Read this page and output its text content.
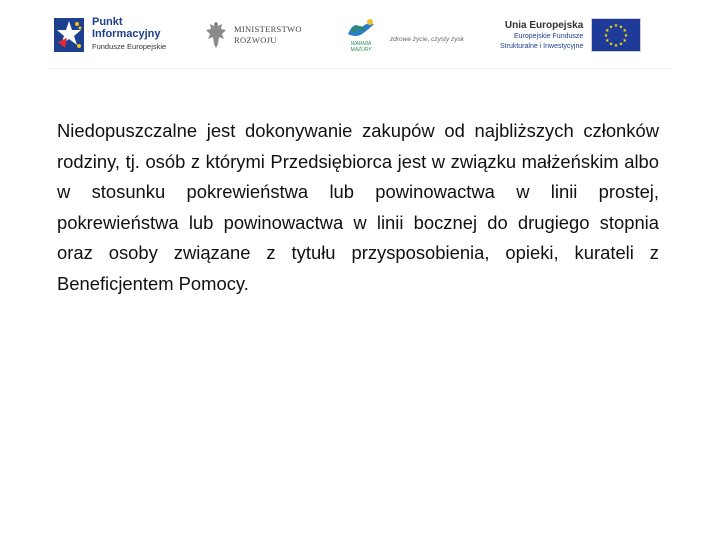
Punkt
Informacyjny
Fundusze Europejskie
MINISTERSTWO
ROZWOJU	WARMIA MAZURY
zdrowe życie, czysty zysk
Unia Europejska
Europejskie Fundusze
Strukturalne i Inwestycyjne
★ ★
★
★
★
★
★
★
★
★
★
★

Niedopuszczalne jest dokonywanie zakupów od najbliższych członków rodziny, tj. osób z którymi Przedsiębiorca jest w związku małżeńskim albo w stosunku pokrewieństwa lub powinowactwa w linii prostej, pokrewieństwa lub powinowactwa w linii bocznej do drugiego stopnia oraz osoby związane z tytułu przysposobienia, opieki, kurateli z Beneficjentem Pomocy.
